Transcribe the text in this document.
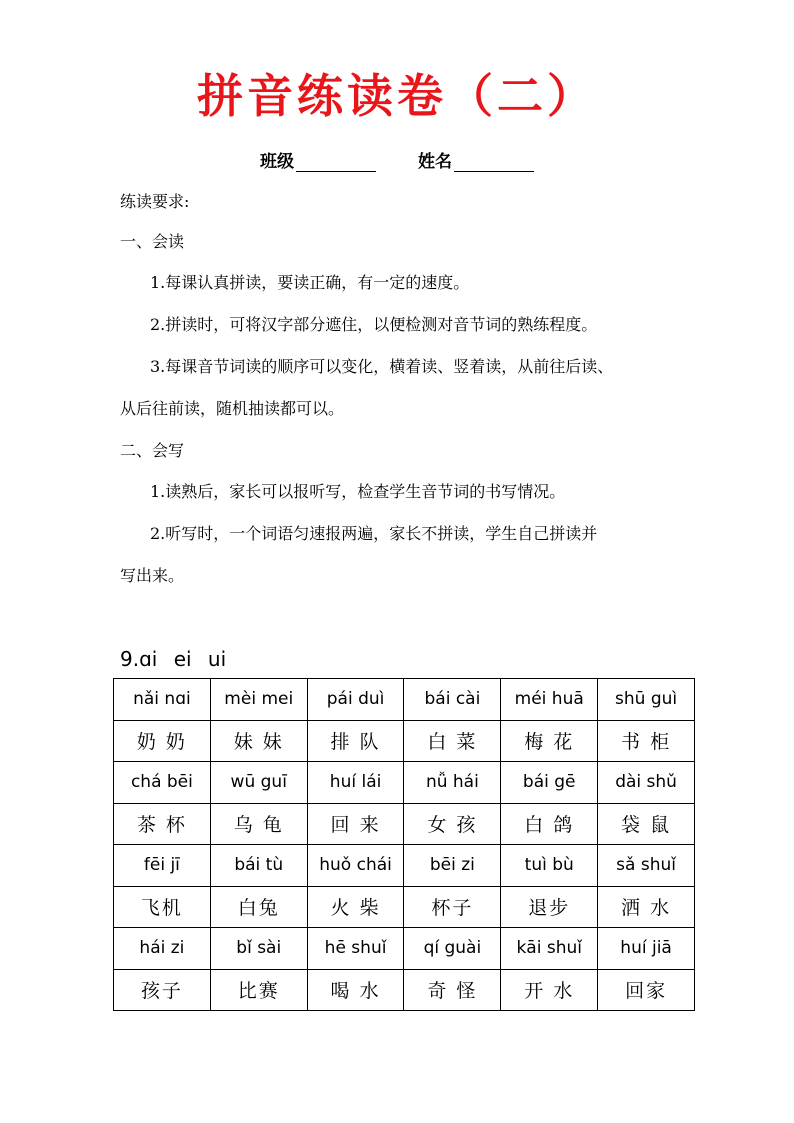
拼音练读卷（二）
班级	姓名

练读要求:

一、会读

1.每课认真拼读，要读正确，有一定的速度。

2.拼读时，可将汉字部分遮住，以便检测对音节词的熟练程度。

3.每课音节词读的顺序可以变化，横着读、竖着读，从前往后读、

从后往前读，随机抽读都可以。

二、会写

1.读熟后，家长可以报听写，检查学生音节词的书写情况。

2.听写时，一个词语匀速报两遍，家长不拼读，学生自己拼读并

写出来。

9.ɑi ei ui
nǎi nɑi	mèi mei	pái duì	bái cài	méi huā	shū guì
奶 奶	妹 妹	排 队	白 菜	梅 花	书 柜
chá bēi	wū guī	huí lái	nǚ hái	bái gē	dài shǔ
茶 杯	乌 龟	回 来	女 孩	白 鸽	袋 鼠
fēi jī	bái tù	huǒ chái	bēi zi	tuì bù	sǎ shuǐ
飞机	白兔	火 柴	杯子	退步	洒 水
hái zi	bǐ sài	hē shuǐ	qí guài	kāi shuǐ	huí jiā
孩子	比赛	喝 水	奇 怪	开 水	回家
